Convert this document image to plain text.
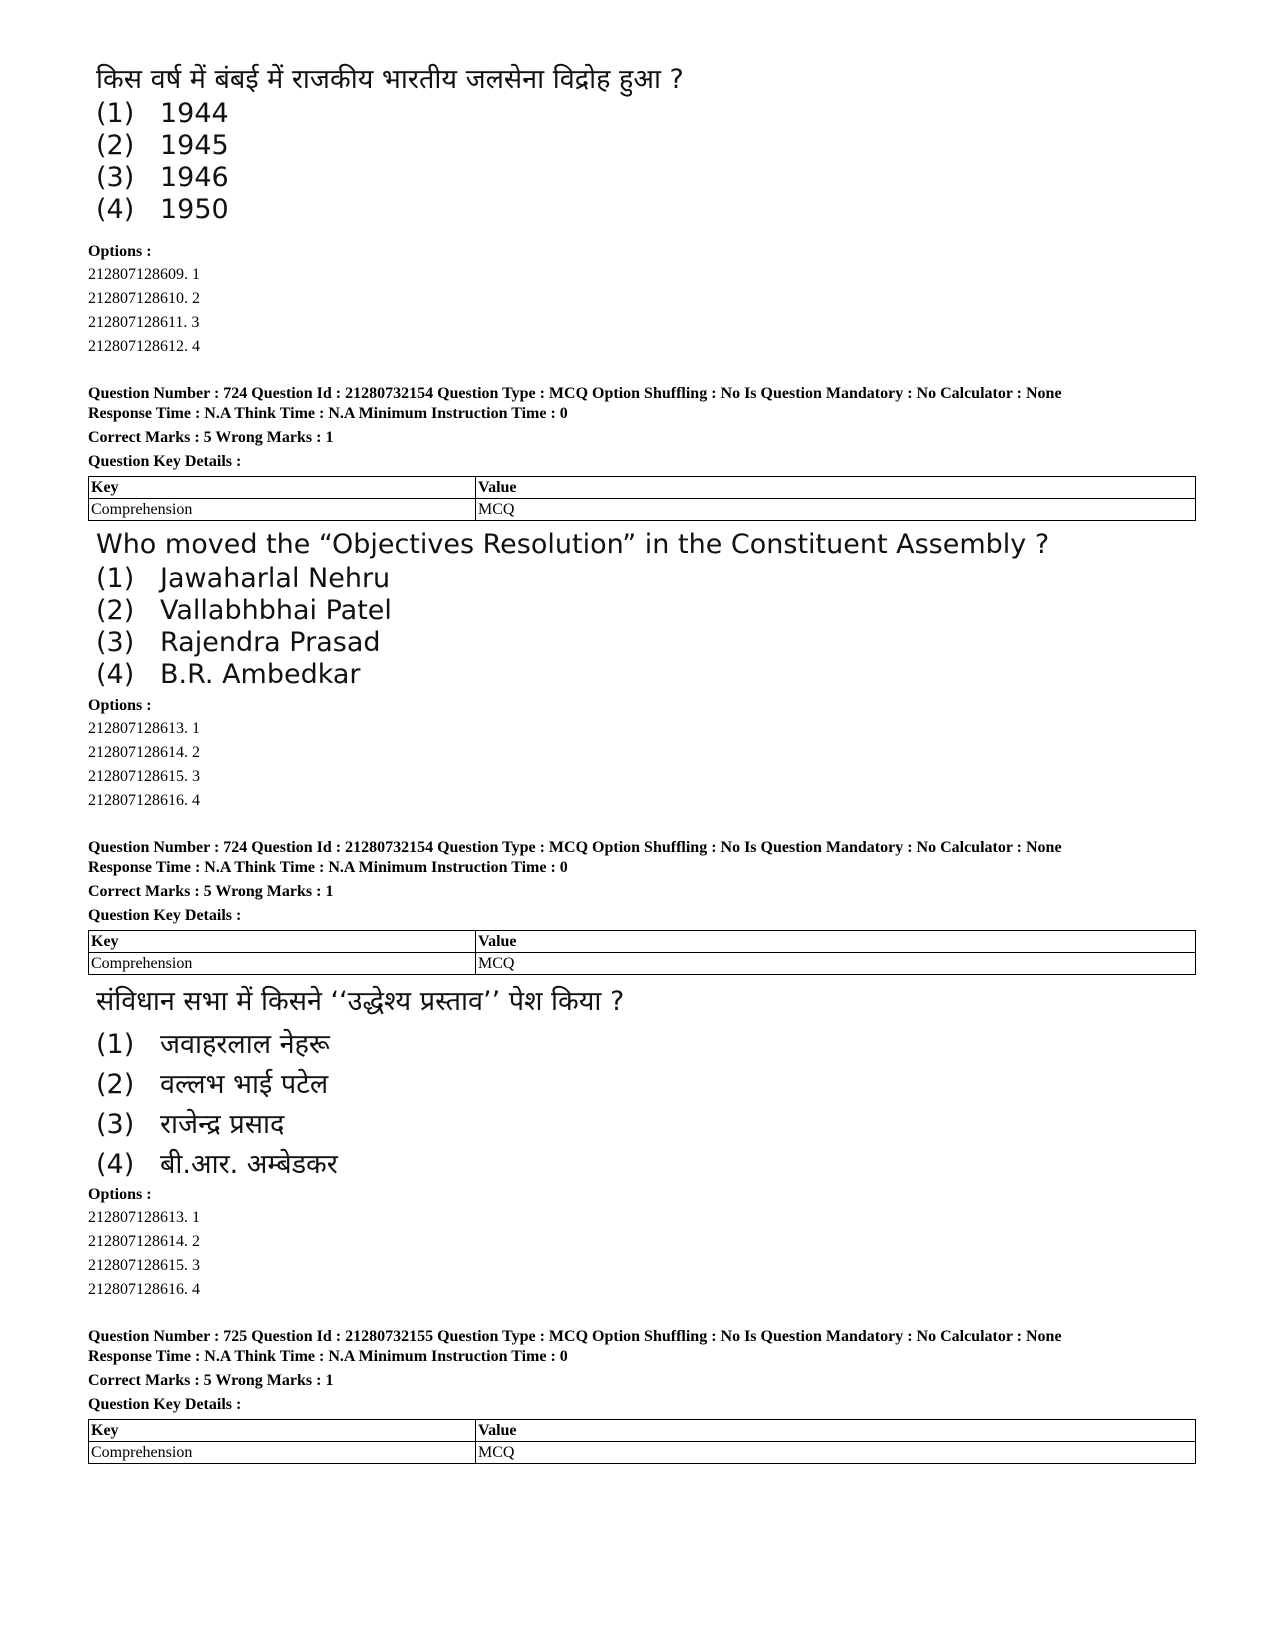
किस वर्ष में बंबई में राजकीय भारतीय जलसेना विद्रोह हुआ ?

(1) 1944
(2) 1945
(3) 1946
(4) 1950
Options :
212807128609. 1
212807128610. 2
212807128611. 3
212807128612. 4
Question Number : 724 Question Id : 21280732154 Question Type : MCQ Option Shuffling : No Is Question Mandatory : No Calculator : None
Response Time : N.A Think Time : N.A Minimum Instruction Time : 0
Correct Marks : 5 Wrong Marks : 1
Question Key Details :
Key	Value
Comprehension	MCQ

Who moved the “Objectives Resolution” in the Constituent Assembly ?

(1) Jawaharlal Nehru
(2) Vallabhbhai Patel
(3) Rajendra Prasad
(4) B.R. Ambedkar
Options :
212807128613. 1
212807128614. 2
212807128615. 3
212807128616. 4
Question Number : 724 Question Id : 21280732154 Question Type : MCQ Option Shuffling : No Is Question Mandatory : No Calculator : None
Response Time : N.A Think Time : N.A Minimum Instruction Time : 0
Correct Marks : 5 Wrong Marks : 1
Question Key Details :
Key	Value
Comprehension	MCQ

संविधान सभा में किसने ‘‘उद्धेश्य प्रस्ताव’’ पेश किया ?

(1) जवाहरलाल नेहरू
(2) वल्लभ भाई पटेल
(3) राजेन्द्र प्रसाद
(4) बी.आर. अम्बेडकर
Options :
212807128613. 1
212807128614. 2
212807128615. 3
212807128616. 4
Question Number : 725 Question Id : 21280732155 Question Type : MCQ Option Shuffling : No Is Question Mandatory : No Calculator : None
Response Time : N.A Think Time : N.A Minimum Instruction Time : 0
Correct Marks : 5 Wrong Marks : 1
Question Key Details :
Key	Value
Comprehension	MCQ
